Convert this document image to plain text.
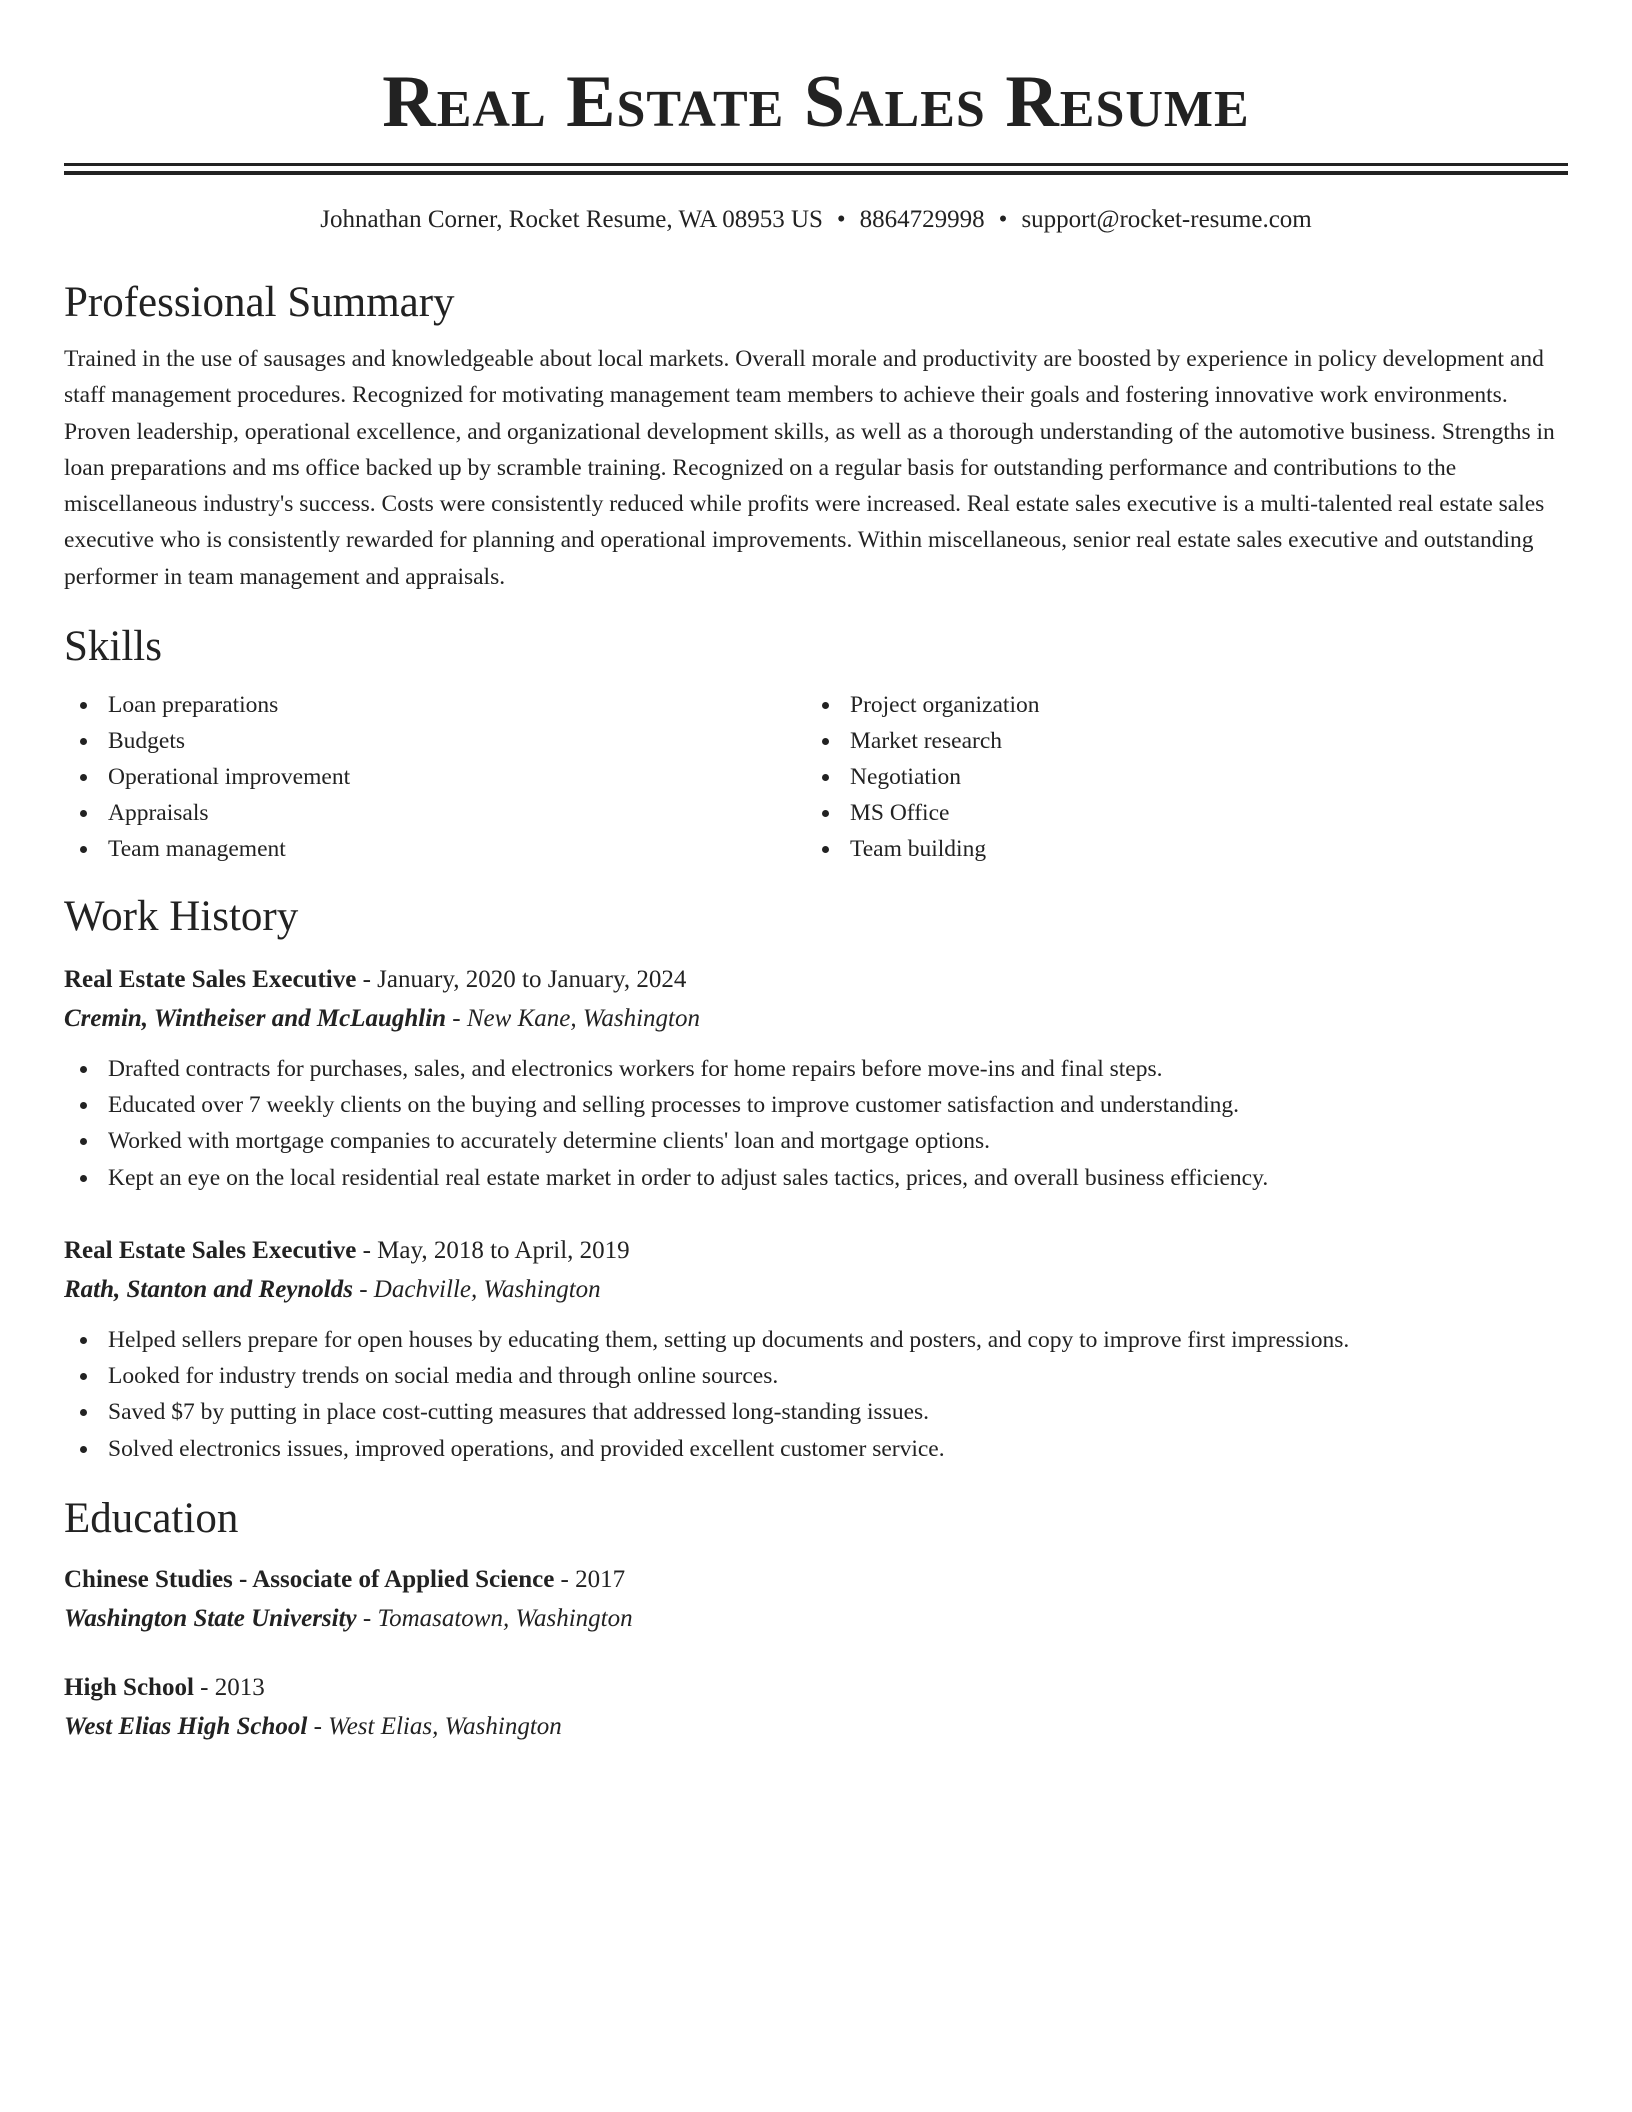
Real Estate Sales Resume
Johnathan Corner, Rocket Resume, WA 08953 US • 8864729998 • support@rocket-resume.com
Professional Summary

Trained in the use of sausages and knowledgeable about local markets. Overall morale and productivity are boosted by experience in policy development and staff management procedures. Recognized for motivating management team members to achieve their goals and fostering innovative work environments. Proven leadership, operational excellence, and organizational development skills, as well as a thorough understanding of the automotive business. Strengths in loan preparations and ms office backed up by scramble training. Recognized on a regular basis for outstanding performance and contributions to the miscellaneous industry's success. Costs were consistently reduced while profits were increased. Real estate sales executive is a multi-talented real estate sales executive who is consistently rewarded for planning and operational improvements. Within miscellaneous, senior real estate sales executive and outstanding performer in team management and appraisals.

Skills
Loan preparations
Budgets
Operational improvement
Appraisals
Team management
Project organization
Market research
Negotiation
MS Office
Team building
Work History
Real Estate Sales Executive - January, 2020 to January, 2024
Cremin, Wintheiser and McLaughlin - New Kane, Washington
Drafted contracts for purchases, sales, and electronics workers for home repairs before move-ins and final steps.
Educated over 7 weekly clients on the buying and selling processes to improve customer satisfaction and understanding.
Worked with mortgage companies to accurately determine clients' loan and mortgage options.
Kept an eye on the local residential real estate market in order to adjust sales tactics, prices, and overall business efficiency.
Real Estate Sales Executive - May, 2018 to April, 2019
Rath, Stanton and Reynolds - Dachville, Washington
Helped sellers prepare for open houses by educating them, setting up documents and posters, and copy to improve first impressions.
Looked for industry trends on social media and through online sources.
Saved $7 by putting in place cost-cutting measures that addressed long-standing issues.
Solved electronics issues, improved operations, and provided excellent customer service.
Education
Chinese Studies - Associate of Applied Science - 2017
Washington State University - Tomasatown, Washington
High School - 2013
West Elias High School - West Elias, Washington
